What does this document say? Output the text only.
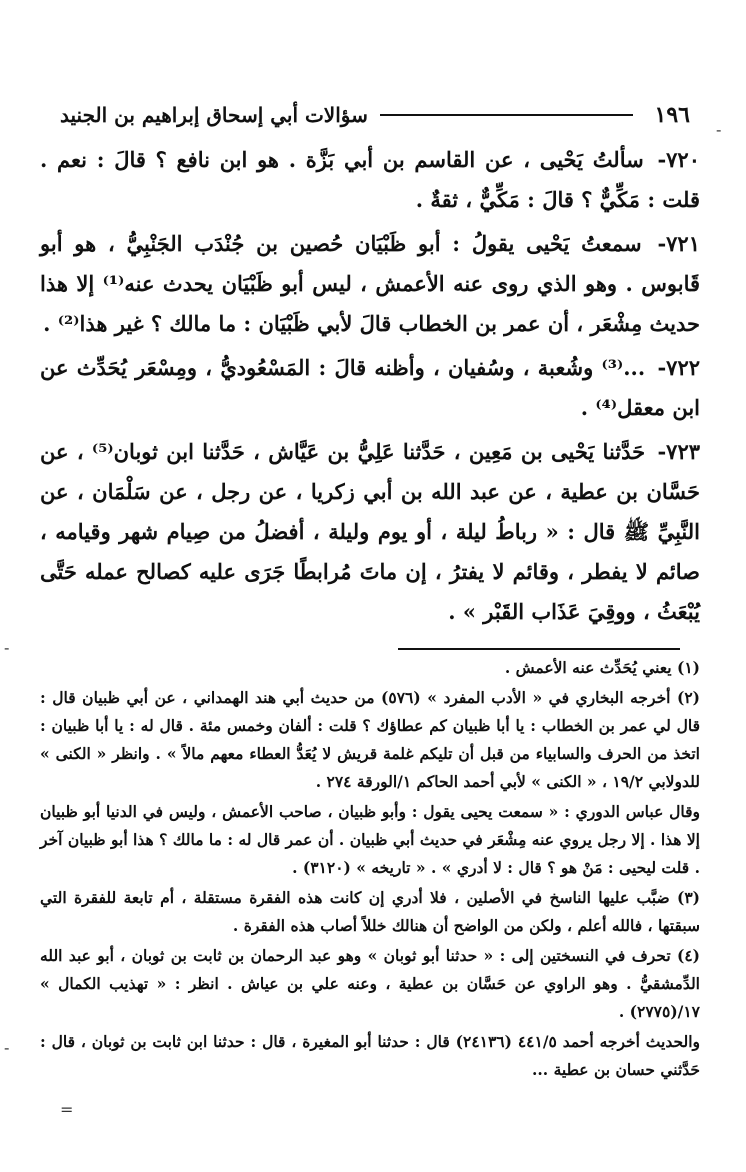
١٩٦
سؤالات أبي إسحاق إبراهيم بن الجنيد

٧٢٠- سألتُ يَحْيى ، عن القاسم بن أبي بَزَّة . هو ابن نافع ؟ قالَ : نعم . قلت : مَكِّيٌّ ؟ قالَ : مَكِّيٌّ ، ثقةٌ .

٧٢١- سمعتُ يَحْيى يقولُ : أبو ظَبْيَان حُصين بن جُنْدَب الجَنْبِيُّ ، هو أبو قَابوس . وهو الذي روى عنه الأعمش ، ليس أبو ظَبْيَان يحدث عنه⁽¹⁾ إلا هذا حديث مِشْعَر ، أن عمر بن الخطاب قالَ لأبي ظَبْيَان : ما مالك ؟ غير هذا⁽²⁾ .

٧٢٢- ...⁽³⁾ وشُعبة ، وسُفيان ، وأظنه قالَ : المَسْعُوديُّ ، ومِسْعَر يُحَدِّث عن ابن معقل⁽⁴⁾ .

٧٢٣- حَدَّثنا يَحْيى بن مَعِين ، حَدَّثنا عَلِيُّ بن عَيَّاش ، حَدَّثنا ابن ثوبان⁽⁵⁾ ، عن حَسَّان بن عطية ، عن عبد الله بن أبي زكريا ، عن رجل ، عن سَلْمَان ، عن النَّبِيِّ ﷺ قال : « رباطُ ليلة ، أو يوم وليلة ، أفضلُ من صِيام شهر وقيامه ، صائم لا يفطر ، وقائم لا يفترُ ، إن ماتَ مُرابطًا جَرَى عليه كصالح عمله حَتَّى يُبْعَثُ ، ووقِيَ عَذَاب القَبْر » .

(١) يعني يُحَدِّث عنه الأعمش .

(٢) أخرجه البخاري في « الأدب المفرد » (٥٧٦) من حديث أبي هند الهمداني ، عن أبي ظبيان قال : قال لي عمر بن الخطاب : يا أبا ظبيان كم عطاؤك ؟ قلت : ألفان وخمس مئة . قال له : يا أبا ظبيان : اتخذ من الحرف والسابياء من قبل أن تليكم غلمة قريش لا يُعَدُّ العطاء معهم مالاً » . وانظر « الكنى » للدولابي ١٩/٢ ، « الكنى » لأبي أحمد الحاكم ١/الورقة ٢٧٤ .

وقال عباس الدوري : « سمعت يحيى يقول : وأبو ظبيان ، صاحب الأعمش ، وليس في الدنيا أبو ظبيان إلا هذا . إلا رجل يروي عنه مِشْعَر في حديث أبي ظبيان . أن عمر قال له : ما مالك ؟ هذا أبو ظبيان آخر . قلت ليحيى : مَنْ هو ؟ قال : لا أدري » . « تاريخه » (٣١٢٠) .

(٣) ضبَّب عليها الناسخ في الأصلين ، فلا أدري إن كانت هذه الفقرة مستقلة ، أم تابعة للفقرة التي سبقتها ، فالله أعلم ، ولكن من الواضح أن هنالك خللاً أصاب هذه الفقرة .

(٤) تحرف في النسختين إلى : « حدثنا أبو ثوبان » وهو عبد الرحمان بن ثابت بن ثوبان ، أبو عبد الله الدِّمشقيُّ . وهو الراوي عن حَسَّان بن عطية ، وعنه علي بن عياش . انظر : « تهذيب الكمال » ١٧/(٢٧٧٥) .

والحديث أخرجه أحمد ٤٤١/٥ (٢٤١٣٦) قال : حدثنا أبو المغيرة ، قال : حدثنا ابن ثابت بن ثوبان ، قال : حَدَّثني حسان بن عطية ...

=
-
-
-
